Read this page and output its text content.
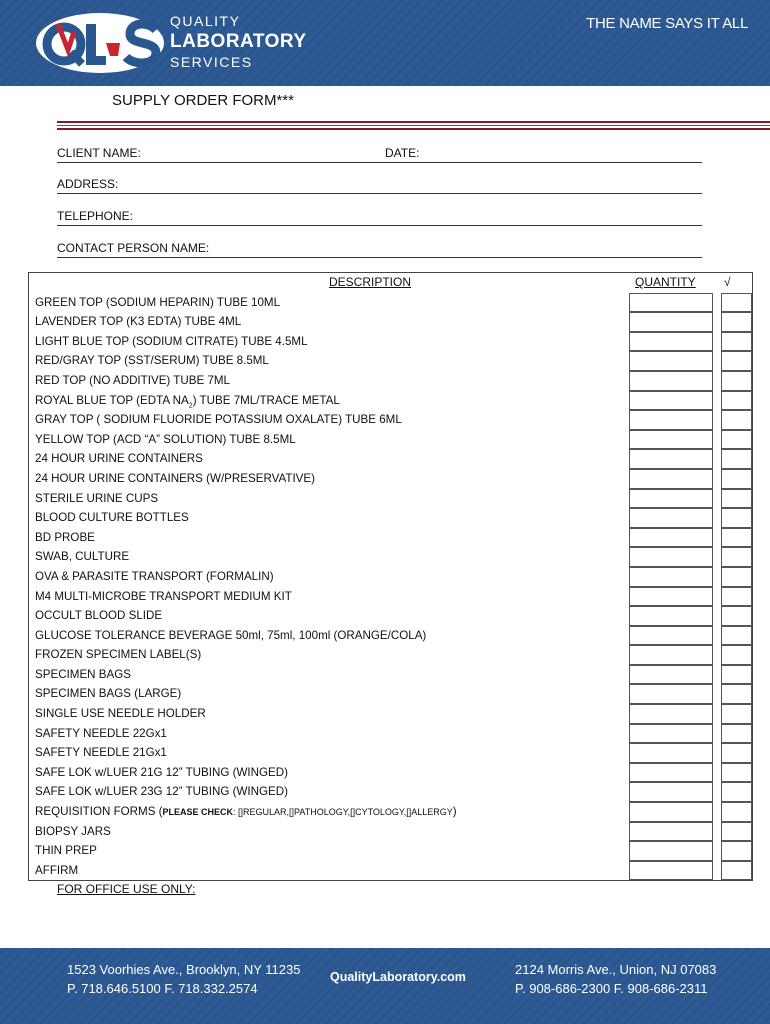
QUALITY
LABORATORY
SERVICES
THE NAME SAYS IT ALL
SUPPLY ORDER FORM***
CLIENT NAME:	DATE:
ADDRESS:
TELEPHONE:
CONTACT PERSON NAME:
DESCRIPTION	QUANTITY √
GREEN TOP (SODIUM HEPARIN) TUBE 10ML
LAVENDER TOP (K3 EDTA) TUBE 4ML
LIGHT BLUE TOP (SODIUM CITRATE) TUBE 4.5ML
RED/GRAY TOP (SST/SERUM) TUBE 8.5ML
RED TOP (NO ADDITIVE) TUBE 7ML
ROYAL BLUE TOP (EDTA $NA_2$) TUBE 7ML/TRACE METAL
GRAY TOP ( SODIUM FLUORIDE POTASSIUM OXALATE) TUBE 6ML
YELLOW TOP (ACD “A” SOLUTION) TUBE 8.5ML
24 HOUR URINE CONTAINERS
24 HOUR URINE CONTAINERS (W/PRESERVATIVE)
STERILE URINE CUPS
BLOOD CULTURE BOTTLES
BD PROBE
SWAB, CULTURE
OVA & PARASITE TRANSPORT (FORMALIN)
M4 MULTI-MICROBE TRANSPORT MEDIUM KIT
OCCULT BLOOD SLIDE
GLUCOSE TOLERANCE BEVERAGE 50ml, 75ml, 100ml (ORANGE/COLA)
FROZEN SPECIMEN LABEL(S)
SPECIMEN BAGS
SPECIMEN BAGS (LARGE)
SINGLE USE NEEDLE HOLDER
SAFETY NEEDLE 22Gx1
SAFETY NEEDLE 21Gx1
SAFE LOK w/LUER 21G 12” TUBING (WINGED)
SAFE LOK w/LUER 23G 12” TUBING (WINGED)
REQUISITION FORMS (PLEASE CHECK: []REGULAR,[]PATHOLOGY,[]CYTOLOGY,[]ALLERGY)
BIOPSY JARS
THIN PREP
AFFIRM
FOR OFFICE USE ONLY:
1523 Voorhies Ave., Brooklyn, NY 11235
P. 718.646.5100 F. 718.332.2574
QualityLaboratory.com	2124 Morris Ave., Union, NJ 07083
P. 908-686-2300 F. 908-686-2311
